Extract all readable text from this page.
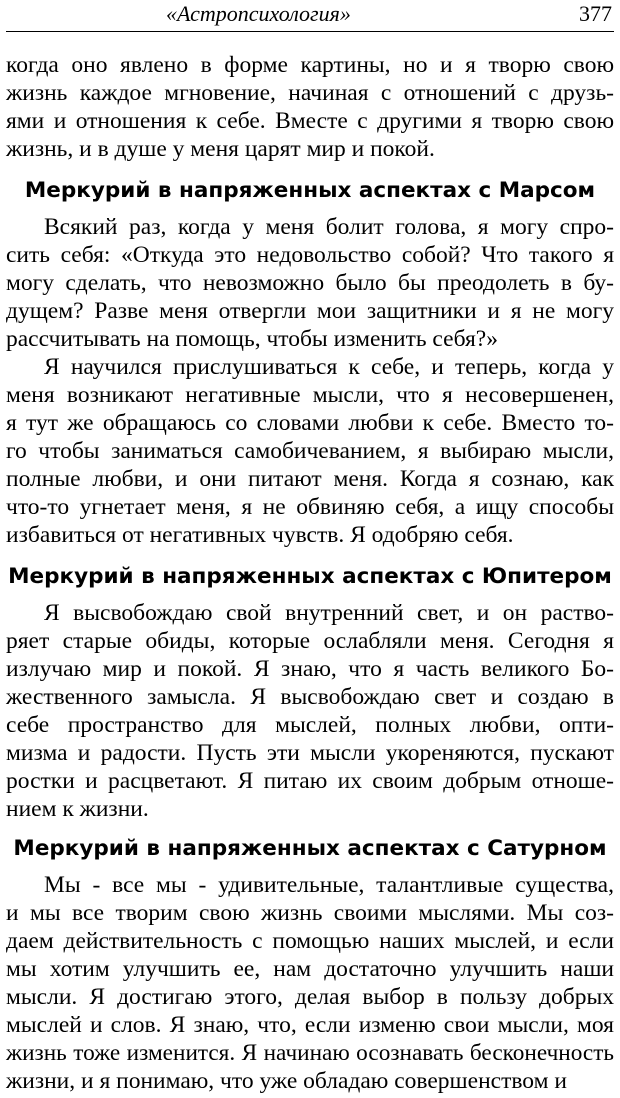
«Астропсихология»	377
когда оно явлено в форме картины, но и я творю свою
жизнь каждое мгновение, начиная с отношений с друзь-
ями и отношения к себе. Вместе с другими я творю свою
жизнь, и в душе у меня царят мир и покой.
Меркурий в напряженных аспектах с Марсом
Всякий раз, когда у меня болит голова, я могу спро-
сить себя: «Откуда это недовольство собой? Что такого я
могу сделать, что невозможно было бы преодолеть в бу-
дущем? Разве меня отвергли мои защитники и я не могу
рассчитывать на помощь, чтобы изменить себя?»
Я научился прислушиваться к себе, и теперь, когда у
меня возникают негативные мысли, что я несовершенен,
я тут же обращаюсь со словами любви к себе. Вместо то-
го чтобы заниматься самобичеванием, я выбираю мысли,
полные любви, и они питают меня. Когда я сознаю, как
что-то угнетает меня, я не обвиняю себя, а ищу способы
избавиться от негативных чувств. Я одобряю себя.
Меркурий в напряженных аспектах с Юпитером
Я высвобождаю свой внутренний свет, и он раство-
ряет старые обиды, которые ослабляли меня. Сегодня я
излучаю мир и покой. Я знаю, что я часть великого Бо-
жественного замысла. Я высвобождаю свет и создаю в
себе пространство для мыслей, полных любви, опти-
мизма и радости. Пусть эти мысли укореняются, пускают
ростки и расцветают. Я питаю их своим добрым отноше-
нием к жизни.
Меркурий в напряженных аспектах с Сатурном
Мы - все мы - удивительные, талантливые существа,
и мы все творим свою жизнь своими мыслями. Мы соз-
даем действительность с помощью наших мыслей, и если
мы хотим улучшить ее, нам достаточно улучшить наши
мысли. Я достигаю этого, делая выбор в пользу добрых
мыслей и слов. Я знаю, что, если изменю свои мысли, моя
жизнь тоже изменится. Я начинаю осознавать бесконечность
жизни, и я понимаю, что уже обладаю совершенством и
